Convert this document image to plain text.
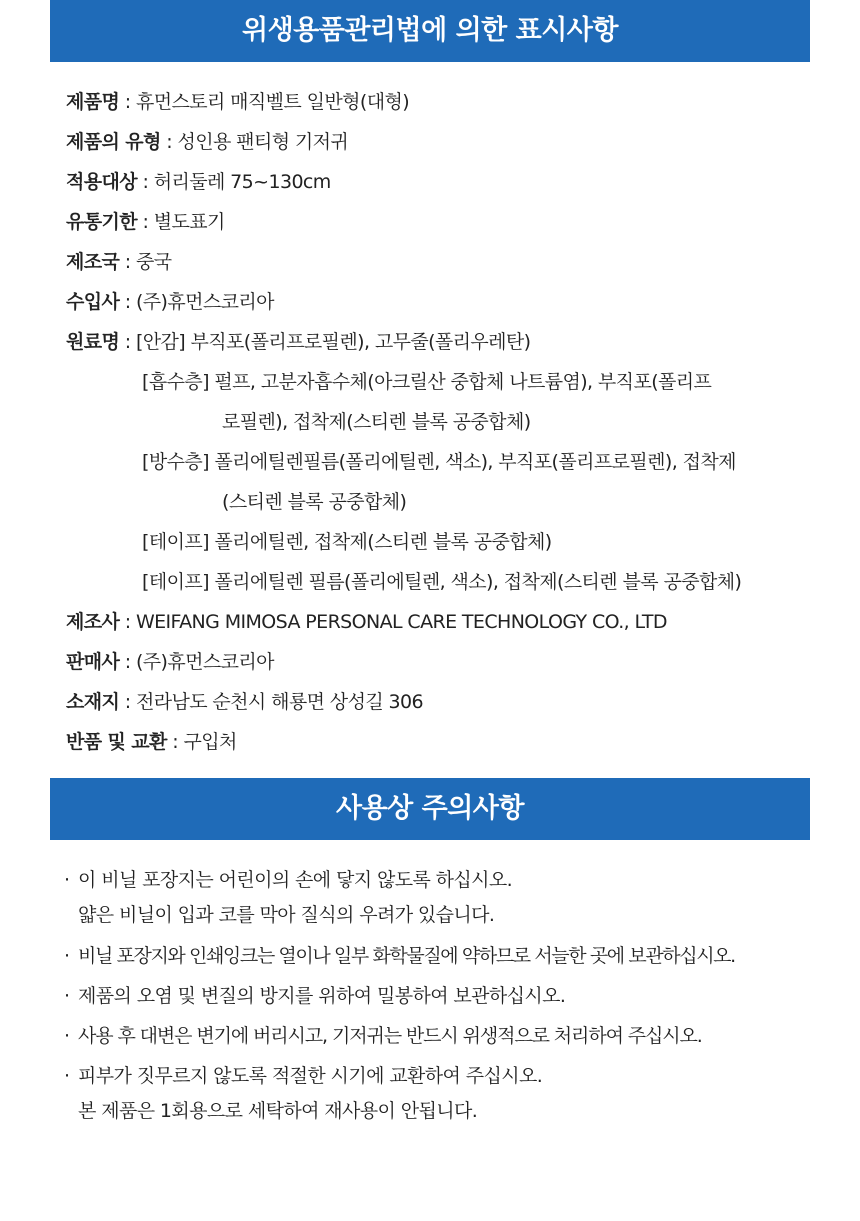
위생용품관리법에 의한 표시사항
제품명 : 휴먼스토리 매직벨트 일반형(대형)
제품의 유형 : 성인용 팬티형 기저귀
적용대상 : 허리둘레 75~130cm
유통기한 : 별도표기
제조국 : 중국
수입사 : (주)휴먼스코리아
원료명 : [안감] 부직포(폴리프로필렌), 고무줄(폴리우레탄)
[흡수층] 펄프, 고분자흡수체(아크릴산 중합체 나트륨염), 부직포(폴리프
로필렌), 접착제(스티렌 블록 공중합체)
[방수층] 폴리에틸렌필름(폴리에틸렌, 색소), 부직포(폴리프로필렌), 접착제
(스티렌 블록 공중합체)
[테이프] 폴리에틸렌, 접착제(스티렌 블록 공중합체)
[테이프] 폴리에틸렌 필름(폴리에틸렌, 색소), 접착제(스티렌 블록 공중합체)
제조사 : WEIFANG MIMOSA PERSONAL CARE TECHNOLOGY CO., LTD
판매사 : (주)휴먼스코리아
소재지 : 전라남도 순천시 해룡면 상성길 306
반품 및 교환 : 구입처
사용상 주의사항
· 이 비닐 포장지는 어린이의 손에 닿지 않도록 하십시오.
얇은 비닐이 입과 코를 막아 질식의 우려가 있습니다.
· 비닐 포장지와 인쇄잉크는 열이나 일부 화학물질에 약하므로 서늘한 곳에 보관하십시오.
· 제품의 오염 및 변질의 방지를 위하여 밀봉하여 보관하십시오.
· 사용 후 대변은 변기에 버리시고, 기저귀는 반드시 위생적으로 처리하여 주십시오.
· 피부가 짓무르지 않도록 적절한 시기에 교환하여 주십시오.
본 제품은 1회용으로 세탁하여 재사용이 안됩니다.
